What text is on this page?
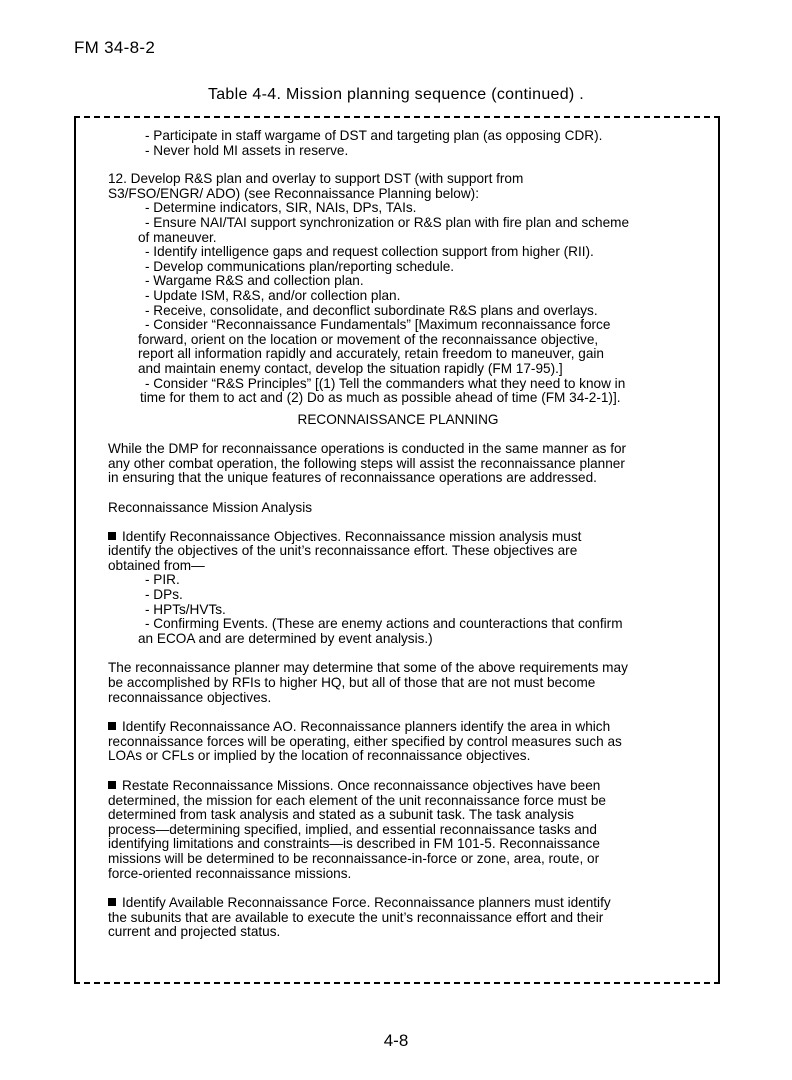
FM 34-8-2
Table 4-4. Mission planning sequence (continued) .
- Participate in staff wargame of DST and targeting plan (as opposing CDR).
- Never hold MI assets in reserve.
12. Develop R&S plan and overlay to support DST (with support from
S3/FSO/ENGR/ ADO) (see Reconnaissance Planning below):
- Determine indicators, SIR, NAIs, DPs, TAIs.
- Ensure NAI/TAI support synchronization or R&S plan with fire plan and scheme
of maneuver.
- Identify intelligence gaps and request collection support from higher (RII).
- Develop communications plan/reporting schedule.
- Wargame R&S and collection plan.
- Update ISM, R&S, and/or collection plan.
- Receive, consolidate, and deconflict subordinate R&S plans and overlays.
- Consider “Reconnaissance Fundamentals” [Maximum reconnaissance force
forward, orient on the location or movement of the reconnaissance objective,
report all information rapidly and accurately, retain freedom to maneuver, gain
and maintain enemy contact, develop the situation rapidly (FM 17-95).]
- Consider “R&S Principles” [(1) Tell the commanders what they need to know in
time for them to act and (2) Do as much as possible ahead of time (FM 34-2-1)].
RECONNAISSANCE PLANNING
While the DMP for reconnaissance operations is conducted in the same manner as for
any other combat operation, the following steps will assist the reconnaissance planner
in ensuring that the unique features of reconnaissance operations are addressed.
Reconnaissance Mission Analysis
Identify Reconnaissance Objectives. Reconnaissance mission analysis must
identify the objectives of the unit’s reconnaissance effort. These objectives are
obtained from—
- PIR.
- DPs.
- HPTs/HVTs.
- Confirming Events. (These are enemy actions and counteractions that confirm
an ECOA and are determined by event analysis.)
The reconnaissance planner may determine that some of the above requirements may
be accomplished by RFIs to higher HQ, but all of those that are not must become
reconnaissance objectives.
Identify Reconnaissance AO. Reconnaissance planners identify the area in which
reconnaissance forces will be operating, either specified by control measures such as
LOAs or CFLs or implied by the location of reconnaissance objectives.
Restate Reconnaissance Missions. Once reconnaissance objectives have been
determined, the mission for each element of the unit reconnaissance force must be
determined from task analysis and stated as a subunit task. The task analysis
process—determining specified, implied, and essential reconnaissance tasks and
identifying limitations and constraints—is described in FM 101-5. Reconnaissance
missions will be determined to be reconnaissance-in-force or zone, area, route, or
force-oriented reconnaissance missions.
Identify Available Reconnaissance Force. Reconnaissance planners must identify
the subunits that are available to execute the unit’s reconnaissance effort and their
current and projected status.
4-8
